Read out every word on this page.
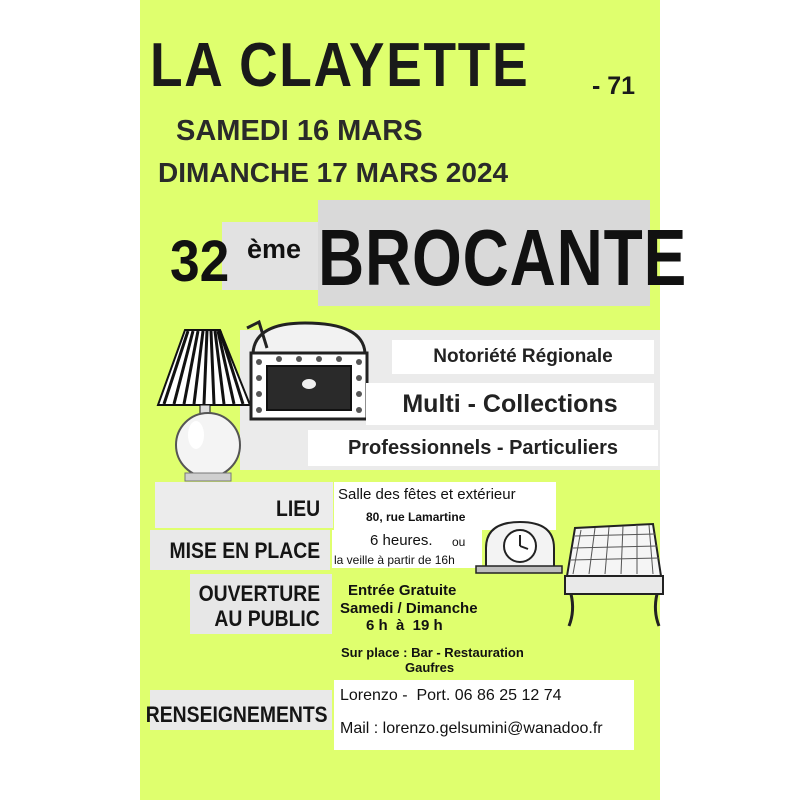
LA CLAYETTE	- 71
SAMEDI 16 MARS
DIMANCHE 17 MARS 2024
32 ème BROCANTE
Notoriété Régionale
Multi - Collections
Professionnels - Particuliers
LIEU
MISE EN PLACE
OUVERTURE
AU PUBLIC
RENSEIGNEMENTS
Salle des fêtes et extérieur
80, rue Lamartine
6 heures. ou
la veille à partir de 16h
Entrée Gratuite
Samedi / Dimanche
6 h  à  19 h
Sur place : Bar - Restauration
Gaufres
Lorenzo -  Port. 06 86 25 12 74
Mail : lorenzo.gelsumini@wanadoo.fr
